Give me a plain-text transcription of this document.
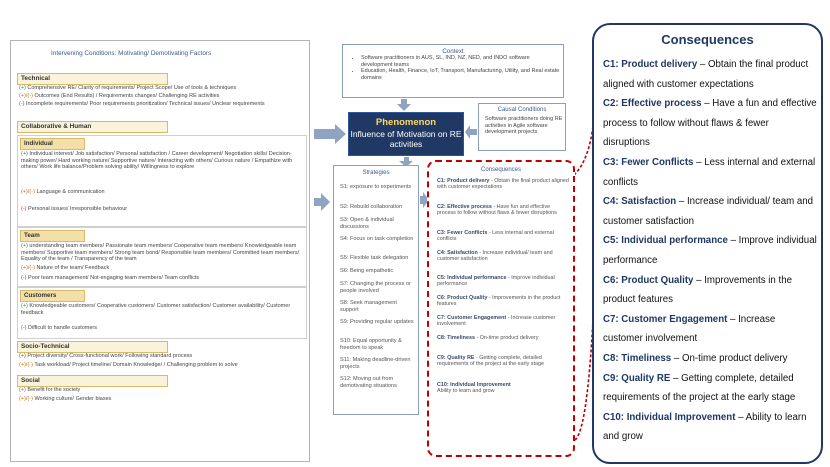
Intervening Conditions: Motivating/ Demotivating Factors
Technical
(+) Comprehensive RE/ Clarity of requirements/ Project Scope/ Use of tools & techniques
(+)/(-) Outcomes (End Results) / Requirements changes/ Challenging RE activities
(-) Incomplete requirements/ Poor requirements prioritization/ Technical issues/ Unclear requirements
Collaborative & Human
Individual
(+) Individual interest/ Job satisfaction/ Personal satisfaction / Career development/ Negotiation skills/ Decision-making power/ Hard working nature/ Supportive nature/ Interacting with others/ Curious nature / Empathize with others/ Work life balance/Problem solving ability/ Willingness to explore
(+)/(-) Language & communication
(-) Personal issues/ Irresponsible behaviour
Team
(+) understanding team members/ Passionate team members/ Cooperative team members/ Knowledgeable team members/ Supportive team members/ Strong team bond/ Responsible team members/ Committed team members/ Equality of the team / Transparency of the team
(+)/(-) Nature of the team/ Feedback
(-) Poor team management/ Not-engaging team members/ Team conflicts
Customers
(+) Knowledgeable customers/ Cooperative customers/ Customer satisfaction/ Customer availability/ Customer feedback
(-) Difficult to handle customers
Socio-Technical
(+) Project diversity/ Cross-functional work/ Following standard process
(+)/(-) Task workload/ Project timeline/ Domain Knowledge/ / Challenging problem to solve
Social
(+) Benefit for the society
(+)/(-) Working culture/ Gender biases
Context
• Software practitioners in AUS, SL, IND, NZ, NED, and INDO software development teams
• Education, Health, Finance, IoT, Transport, Manufacturing, Utility, and Real estate domains
Phenomenon
Influence of Motivation on RE activities
Causal Conditions
Software practitioners doing RE activities in Agile software development projects
Strategies
S1: exposure to experiments
S2: Rebuild collaboration
S3: Open & individual discussions
S4: Focus on task completion
S5: Flexible task delegation
S6: Being empathetic
S7: Changing the process or people involved
S8: Seek management support
S9: Providing regular updates
S10: Equal opportunity & freedom to speak
S11: Making deadline-driven projects
S12: Moving out from demotivating situations
Consequences
C1: Product delivery - Obtain the final product aligned with customer expectations
C2: Effective process - Have fun and effective process to follow without flaws & fewer disruptions
C3: Fewer Conflicts - Less internal and external conflicts
C4: Satisfaction - Increase individual/ team and customer satisfaction
C5: Individual performance - Improve individual performance
C6: Product Quality - Improvements in the product features
C7: Customer Engagement - Increase customer involvement
C8: Timeliness - On-time product delivery
C9: Quality RE - Getting complete, detailed requirements of the project at the early stage
C10: Individual Improvement
Ability to learn and grow
Consequences
C1: Product delivery – Obtain the final product aligned with customer expectations
C2: Effective process – Have a fun and effective process to follow without flaws & fewer disruptions
C3: Fewer Conflicts – Less internal and external conflicts
C4: Satisfaction – Increase individual/ team and customer satisfaction
C5: Individual performance – Improve individual performance
C6: Product Quality – Improvements in the product features
C7: Customer Engagement – Increase customer involvement
C8: Timeliness – On-time product delivery
C9: Quality RE – Getting complete, detailed requirements of the project at the early stage
C10: Individual Improvement – Ability to learn and grow
